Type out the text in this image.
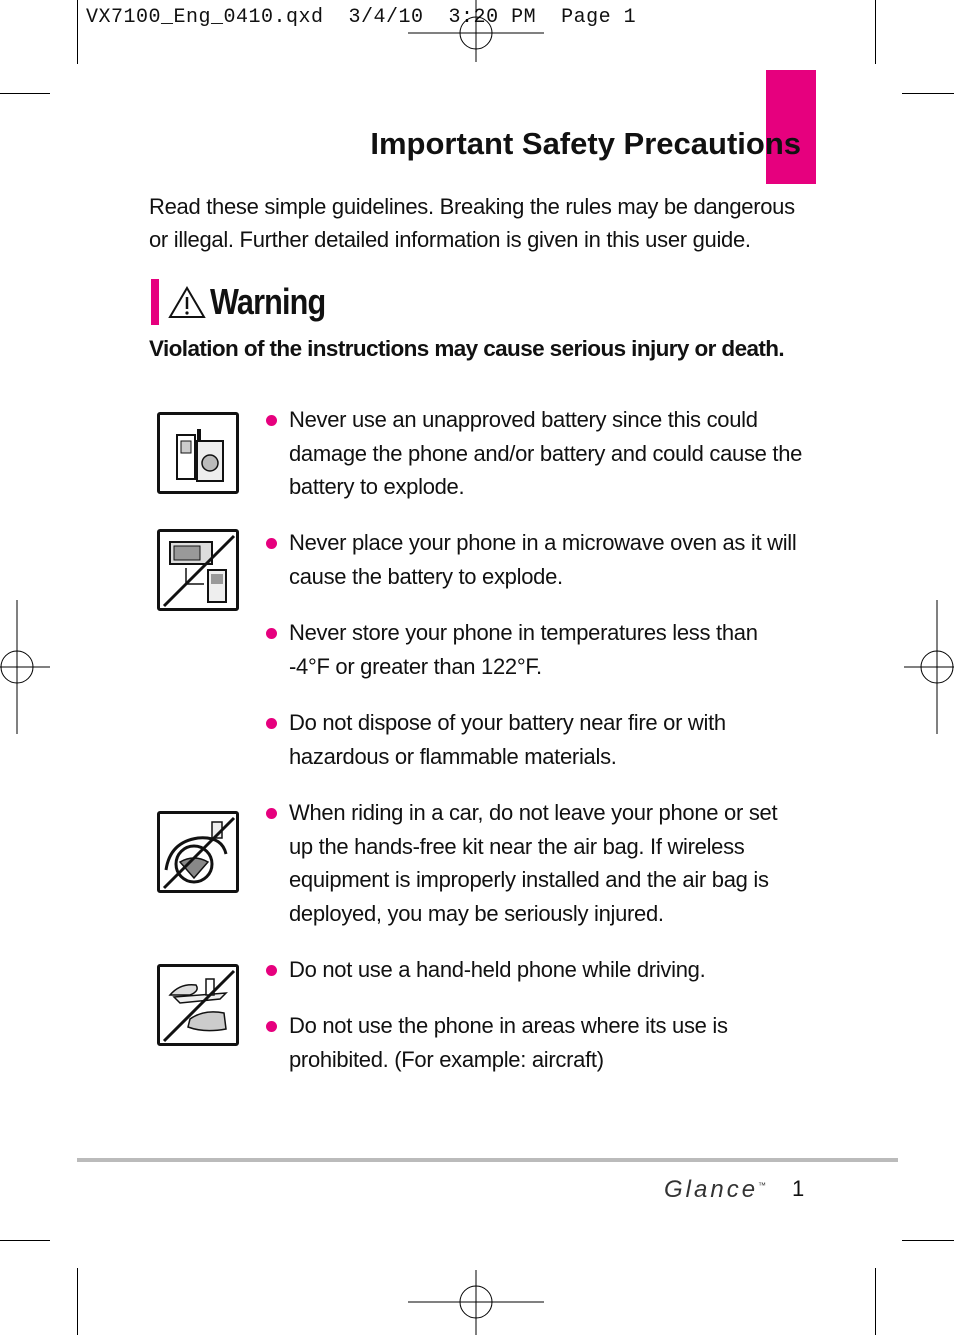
VX7100_Eng_0410.qxd  3/4/10  3:20 PM  Page 1
Important Safety Precautions
Read these simple guidelines. Breaking the rules may be dangerous or illegal. Further detailed information is given in this user guide.
Warning
Violation of the instructions may cause serious injury or death.
Never use an unapproved battery since this could damage the phone and/or battery and could cause the battery to explode.
Never place your phone in a microwave oven as it will cause the battery to explode.
Never store your phone in temperatures less than -4°F or greater than 122°F.
Do not dispose of your battery near fire or with hazardous or flammable materials.
When riding in a car, do not leave your phone or set up the hands-free kit near the air bag. If wireless equipment is improperly installed and the air bag is deployed, you may be seriously injured.
Do not use a hand-held phone while driving.
Do not use the phone in areas where its use is prohibited. (For example: aircraft)
Glance™ 1
